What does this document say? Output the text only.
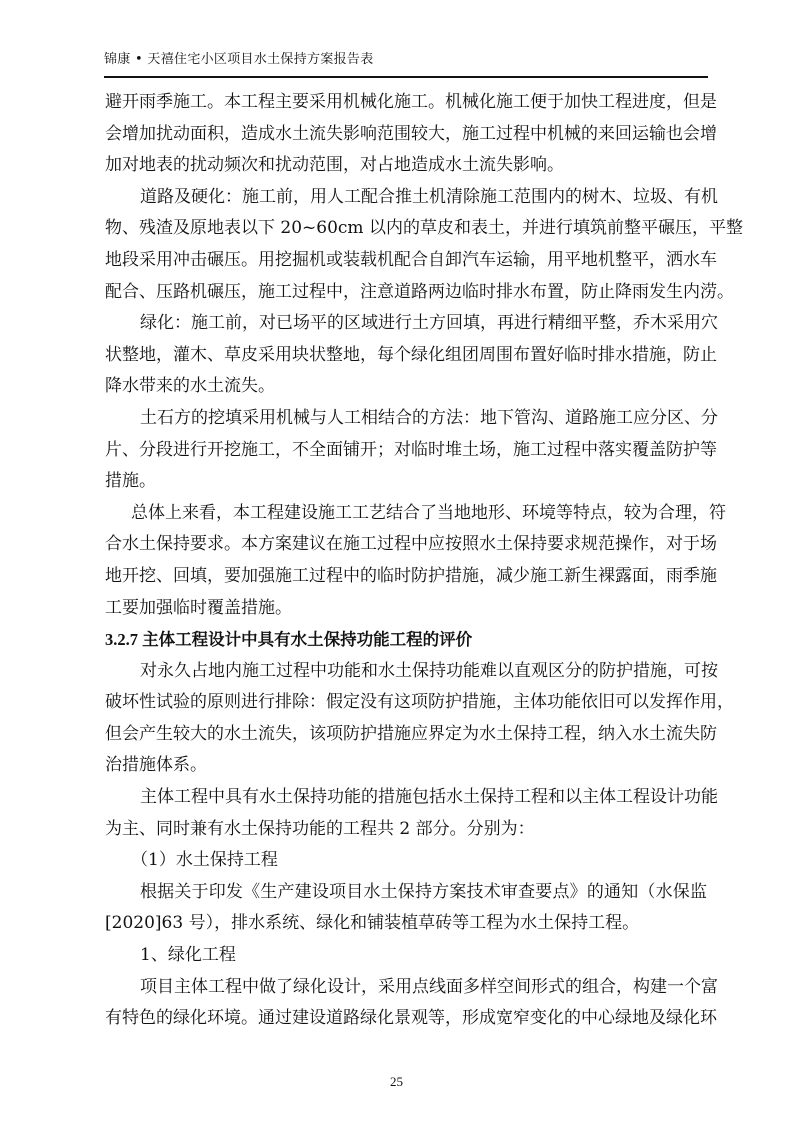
锦康 • 天禧住宅小区项目水土保持方案报告表
避开雨季施工。本工程主要采用机械化施工。机械化施工便于加快工程进度，但是
会增加扰动面积，造成水土流失影响范围较大，施工过程中机械的来回运输也会增
加对地表的扰动频次和扰动范围，对占地造成水土流失影响。
道路及硬化：施工前，用人工配合推土机清除施工范围内的树木、垃圾、有机
物、残渣及原地表以下 20~60cm 以内的草皮和表土，并进行填筑前整平碾压，平整
地段采用冲击碾压。用挖掘机或装载机配合自卸汽车运输，用平地机整平，洒水车
配合、压路机碾压，施工过程中，注意道路两边临时排水布置，防止降雨发生内涝。
绿化：施工前，对已场平的区域进行土方回填，再进行精细平整，乔木采用穴
状整地，灌木、草皮采用块状整地，每个绿化组团周围布置好临时排水措施，防止
降水带来的水土流失。
土石方的挖填采用机械与人工相结合的方法：地下管沟、道路施工应分区、分
片、分段进行开挖施工，不全面铺开；对临时堆土场，施工过程中落实覆盖防护等
措施。
总体上来看，本工程建设施工工艺结合了当地地形、环境等特点，较为合理，符
合水土保持要求。本方案建议在施工过程中应按照水土保持要求规范操作，对于场
地开挖、回填，要加强施工过程中的临时防护措施，减少施工新生裸露面，雨季施
工要加强临时覆盖措施。
3.2.7 主体工程设计中具有水土保持功能工程的评价
对永久占地内施工过程中功能和水土保持功能难以直观区分的防护措施，可按
破坏性试验的原则进行排除：假定没有这项防护措施，主体功能依旧可以发挥作用，
但会产生较大的水土流失，该项防护措施应界定为水土保持工程，纳入水土流失防
治措施体系。
主体工程中具有水土保持功能的措施包括水土保持工程和以主体工程设计功能
为主、同时兼有水土保持功能的工程共 2 部分。分别为：
（1）水土保持工程
根据关于印发《生产建设项目水土保持方案技术审查要点》的通知（水保监
[2020]63 号），排水系统、绿化和铺装植草砖等工程为水土保持工程。
1、绿化工程
项目主体工程中做了绿化设计，采用点线面多样空间形式的组合，构建一个富
有特色的绿化环境。通过建设道路绿化景观等，形成宽窄变化的中心绿地及绿化环
25
